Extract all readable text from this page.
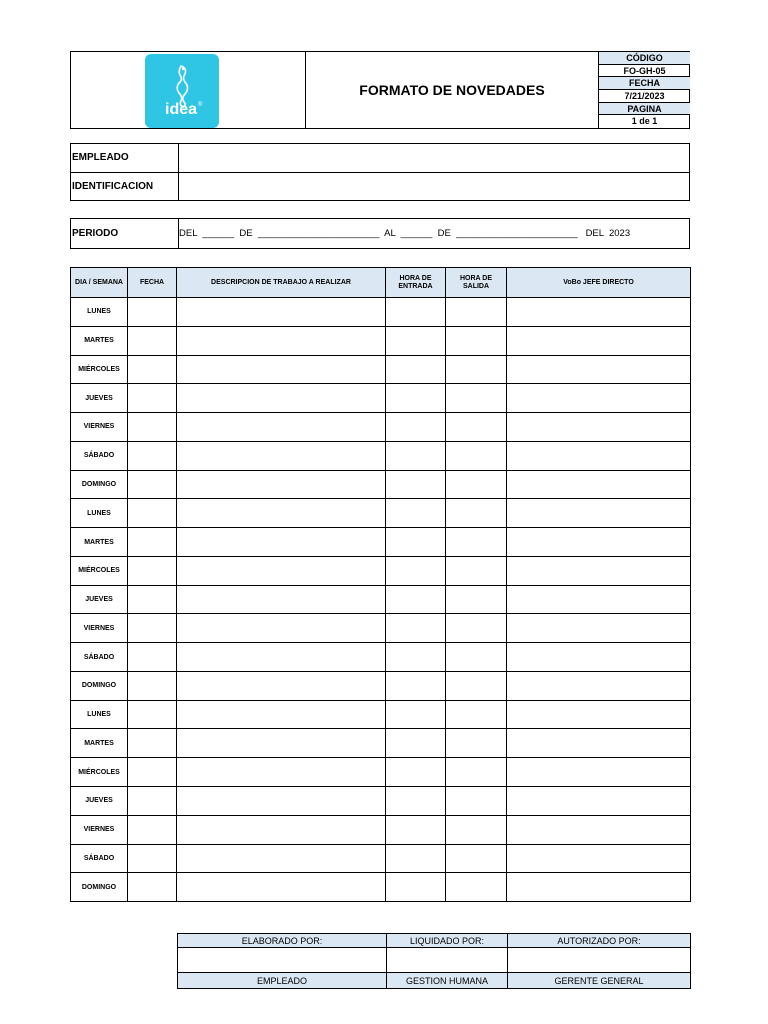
idea ®
FORMATO DE NOVEDADES
CÓDIGO
FO-GH-05
FECHA
7/21/2023
PAGINA
1 de 1
EMPLEADO
IDENTIFICACION
PERIODO	DEL  ______  DE  _______________________  AL  ______  DE  _______________________   DEL  2023
DIA / SEMANA	FECHA	DESCRIPCION DE TRABAJO A REALIZAR	HORA DE ENTRADA	HORA DE SALIDA	VoBo JEFE DIRECTO
LUNES					
MARTES					
MIÉRCOLES					
JUEVES					
VIERNES					
SÁBADO					
DOMINGO					
LUNES					
MARTES					
MIÉRCOLES					
JUEVES					
VIERNES					
SÁBADO					
DOMINGO					
LUNES					
MARTES					
MIÉRCOLES					
JUEVES					
VIERNES					
SÁBADO					
DOMINGO					
ELABORADO POR:	LIQUIDADO POR:	AUTORIZADO POR:

EMPLEADO	GESTION HUMANA	GERENTE GENERAL
